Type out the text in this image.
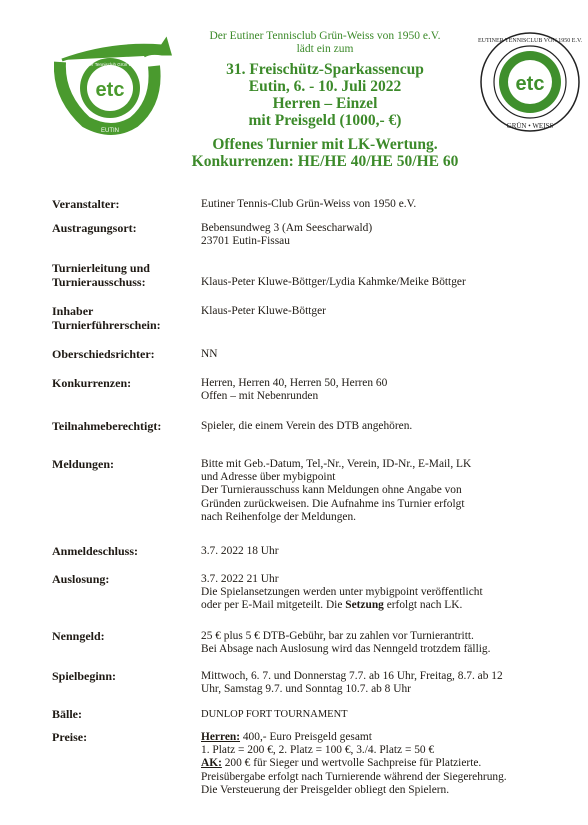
etc
EUTIN
Eutiner Tennisclub Grün Weiss
etc
EUTINER TENNISCLUB VON 1950 E.V.
GRÜN • WEISS
Der Eutiner Tennisclub Grün-Weiss von 1950 e.V.
lädt ein zum
31. Freischütz-Sparkassencup
Eutin, 6. - 10. Juli 2022
Herren – Einzel
mit Preisgeld (1000,- €)
Offenes Turnier mit LK-Wertung.
Konkurrenzen: HE/HE 40/HE 50/HE 60
Veranstalter:	Eutiner Tennis-Club Grün-Weiss von 1950 e.V.
Austragungsort:	Bebensundweg 3 (Am Seescharwald)
23701 Eutin-Fissau
Turnierleitung und
Turnierausschuss:	Klaus-Peter Kluwe-Böttger/Lydia Kahmke/Meike Böttger
Inhaber
Turnierführerschein:
Klaus-Peter Kluwe-Böttger
Oberschiedsrichter:	NN
Konkurrenzen:	Herren, Herren 40, Herren 50, Herren 60
Offen – mit Nebenrunden
Teilnahmeberechtigt:	Spieler, die einem Verein des DTB angehören.
Meldungen:	Bitte mit Geb.-Datum, Tel,-Nr., Verein, ID-Nr., E-Mail, LK
und Adresse über mybigpoint
Der Turnierausschuss kann Meldungen ohne Angabe von
Gründen zurückweisen. Die Aufnahme ins Turnier erfolgt
nach Reihenfolge der Meldungen.
Anmeldeschluss:	3.7. 2022 18 Uhr
Auslosung:	3.7. 2022 21 Uhr
Die Spielansetzungen werden unter mybigpoint veröffentlicht
oder per E-Mail mitgeteilt. Die Setzung erfolgt nach LK.
Nenngeld:	25 € plus 5 € DTB-Gebühr, bar zu zahlen vor Turnierantritt.
Bei Absage nach Auslosung wird das Nenngeld trotzdem fällig.
Spielbeginn:	Mittwoch, 6. 7. und Donnerstag 7.7. ab 16 Uhr, Freitag, 8.7. ab 12
Uhr, Samstag 9.7. und Sonntag 10.7. ab 8 Uhr
Bälle:	DUNLOP FORT TOURNAMENT
Preise:	Herren: 400,- Euro Preisgeld gesamt
1. Platz = 200 €, 2. Platz = 100 €, 3./4. Platz = 50 €
AK: 200 € für Sieger und wertvolle Sachpreise für Platzierte.
Preisübergabe erfolgt nach Turnierende während der Siegerehrung.
Die Versteuerung der Preisgelder obliegt den Spielern.
